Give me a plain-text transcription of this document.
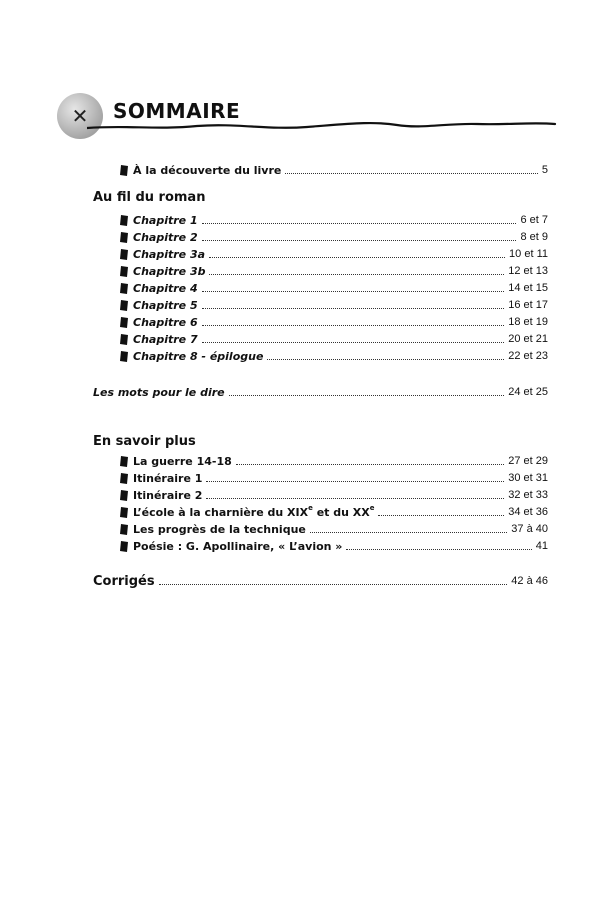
✕	SOMMAIRE
À la découverte du livre	5
Au fil du roman
Chapitre 1	6 et 7
Chapitre 2	8 et 9
Chapitre 3a	10 et 11
Chapitre 3b	12 et 13
Chapitre 4	14 et 15
Chapitre 5	16 et 17
Chapitre 6	18 et 19
Chapitre 7	20 et 21
Chapitre 8 - épilogue	22 et 23
Les mots pour le dire	24 et 25
En savoir plus
La guerre 14-18	27 et 29
Itinéraire 1	30 et 31
Itinéraire 2	32 et 33
L’école à la charnière du XIXe et du XXe	34 et 36
Les progrès de la technique	37 à 40
Poésie : G. Apollinaire, « L’avion »	41
Corrigés	42 à 46
